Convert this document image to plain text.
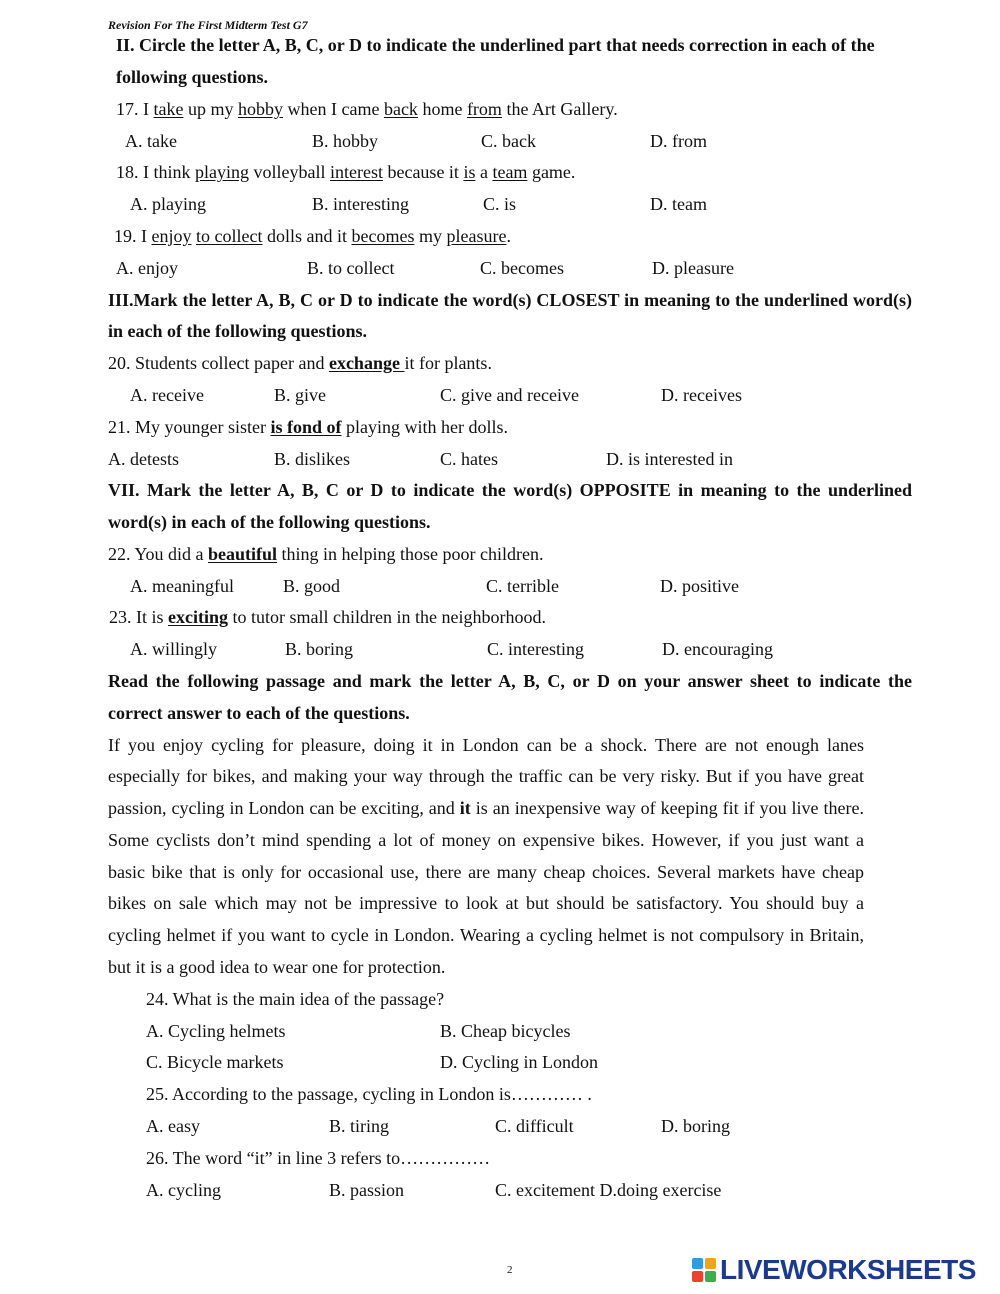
Revision For The First Midterm Test G7
II. Circle the letter A, B, C, or D to indicate the underlined part that needs correction in each of the
following questions.
17. I take up my hobby when I came back home from the Art Gallery.
A. take	B. hobby	C. back	D. from
18. I think playing volleyball interest because it is a team game.
A. playing	B. interesting	C. is	D. team
19. I enjoy to collect dolls and it becomes my pleasure.
A. enjoy	B. to collect	C. becomes	D. pleasure
III.Mark the letter A, B, C or D to indicate the word(s) CLOSEST in meaning to the underlined word(s)
in each of the following questions.
20. Students collect paper and exchange it for plants.
A. receive	B. give	C. give and receive	D. receives
21. My younger sister is fond of playing with her dolls.
A. detests	B. dislikes	C. hates	D. is interested in
VII. Mark the letter A, B, C or D to indicate the word(s) OPPOSITE in meaning to the underlined
word(s) in each of the following questions.
22. You did a beautiful thing in helping those poor children.
A. meaningful	B. good	C. terrible	D. positive
23. It is exciting to tutor small children in the neighborhood.
A. willingly	B. boring	C. interesting	D. encouraging
Read the following passage and mark the letter A, B, C, or D on your answer sheet to indicate the
correct answer to each of the questions.
If you enjoy cycling for pleasure, doing it in London can be a shock. There are not enough lanes
especially for bikes, and making your way through the traffic can be very risky. But if you have great
passion, cycling in London can be exciting, and it is an inexpensive way of keeping fit if you live there.
Some cyclists don’t mind spending a lot of money on expensive bikes. However, if you just want a
basic bike that is only for occasional use, there are many cheap choices. Several markets have cheap
bikes on sale which may not be impressive to look at but should be satisfactory. You should buy a
cycling helmet if you want to cycle in London. Wearing a cycling helmet is not compulsory in Britain,
but it is a good idea to wear one for protection.
24. What is the main idea of the passage?
A. Cycling helmets	B. Cheap bicycles
C. Bicycle markets	D. Cycling in London
25. According to the passage, cycling in London is………… .
A. easy	B. tiring	C. difficult	D. boring
26. The word “it” in line 3 refers to……………
A. cycling	B. passion	C. excitement D.doing exercise
2	LIVEWORKSHEETS
